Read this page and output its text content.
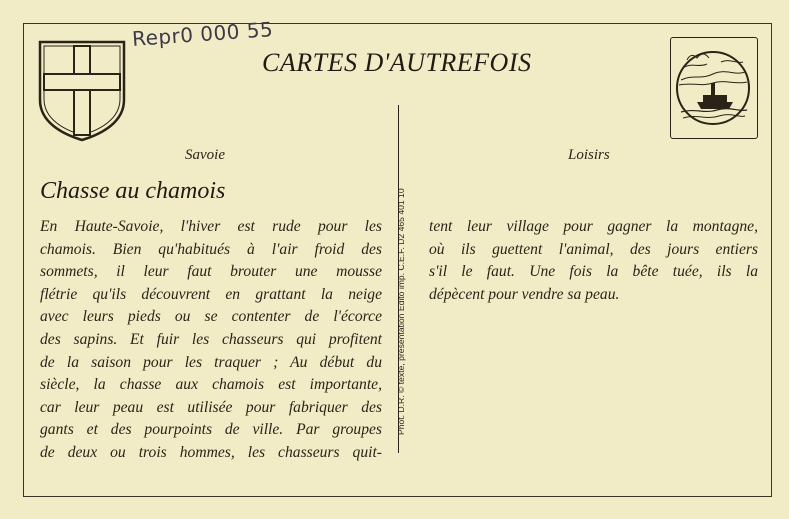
Repr0 000 55
CARTES D'AUTREFOIS
Savoie	Loisirs
Chasse au chamois
En Haute-Savoie, l'hiver est rude pour les
chamois. Bien qu'habitués à l'air froid des
sommets, il leur faut brouter une mousse
flétrie qu'ils découvrent en grattant la neige
avec leurs pieds ou se contenter de l'écorce
des sapins. Et fuir les chasseurs qui profitent
de la saison pour les traquer ; Au début du
siècle, la chasse aux chamois est importante,
car leur peau est utilisée pour fabriquer des
gants et des pourpoints de ville. Par groupes
de deux ou trois hommes, les chasseurs quit-
Phot. D.R. © texte, présentation Edito imp. C.E.F. D2 465 401 10 tent leur village pour gagner la montagne,
où ils guettent l'animal, des jours entiers
s'il le faut. Une fois la bête tuée, ils la
dépècent pour vendre sa peau.
